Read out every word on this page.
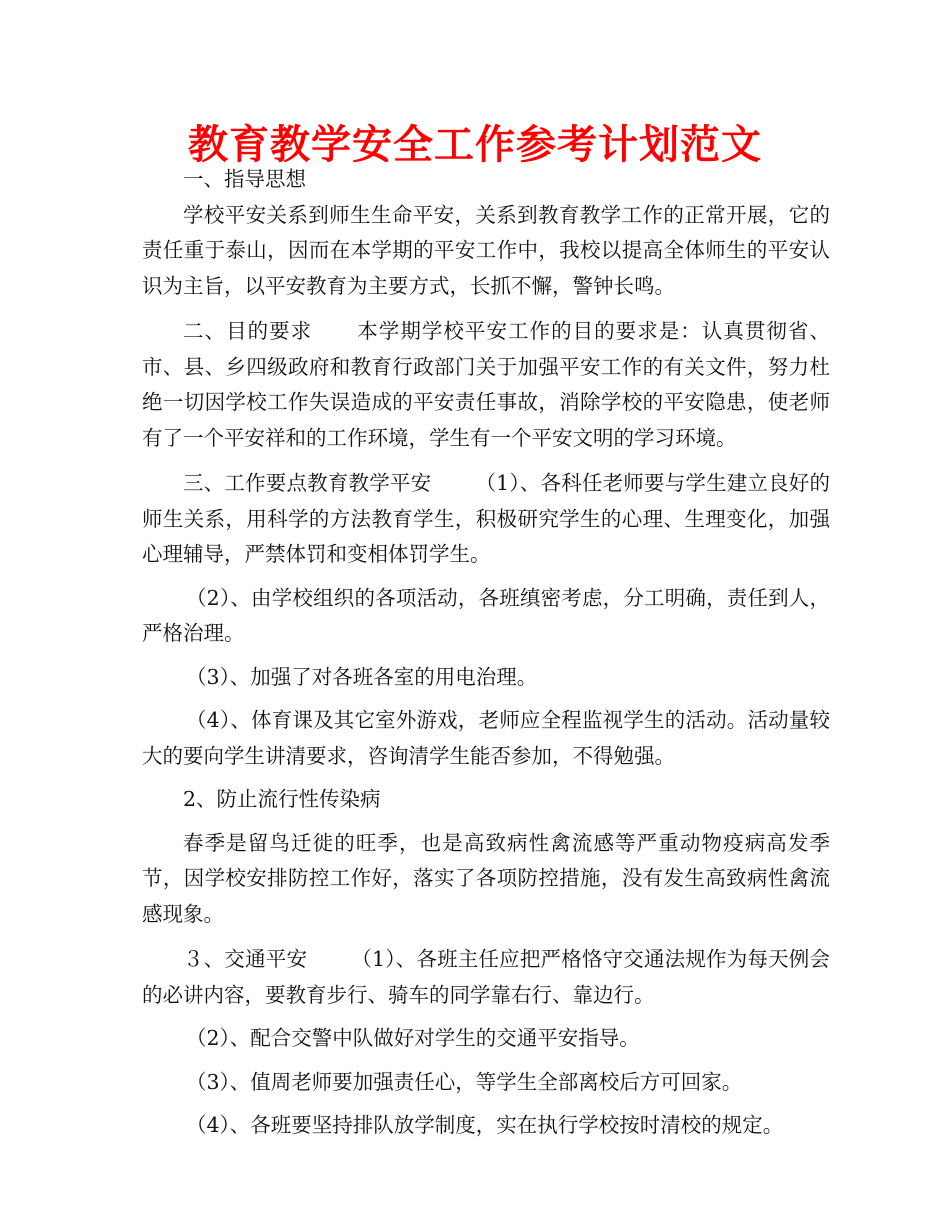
教育教学安全工作参考计划范文

一、指导思想

学校平安关系到师生生命平安，关系到教育教学工作的正常开展，它的责任重于泰山，因而在本学期的平安工作中，我校以提高全体师生的平安认识为主旨，以平安教育为主要方式，长抓不懈，警钟长鸣。

二、目的要求 本学期学校平安工作的目的要求是：认真贯彻省、市、县、乡四级政府和教育行政部门关于加强平安工作的有关文件，努力杜绝一切因学校工作失误造成的平安责任事故，消除学校的平安隐患，使老师有了一个平安祥和的工作环境，学生有一个平安文明的学习环境。

三、工作要点教育教学平安 （1）、各科任老师要与学生建立良好的师生关系，用科学的方法教育学生，积极研究学生的心理、生理变化，加强心理辅导，严禁体罚和变相体罚学生。

（2）、由学校组织的各项活动，各班缜密考虑，分工明确，责任到人，严格治理。

（3）、加强了对各班各室的用电治理。

（4）、体育课及其它室外游戏，老师应全程监视学生的活动。活动量较大的要向学生讲清要求，咨询清学生能否参加，不得勉强。

2、防止流行性传染病

春季是留鸟迁徙的旺季，也是高致病性禽流感等严重动物疫病高发季节，因学校安排防控工作好，落实了各项防控措施，没有发生高致病性禽流感现象。

３、交通平安 （1）、各班主任应把严格恪守交通法规作为每天例会的必讲内容，要教育步行、骑车的同学靠右行、靠边行。

（2）、配合交警中队做好对学生的交通平安指导。

（3）、值周老师要加强责任心，等学生全部离校后方可回家。

（4）、各班要坚持排队放学制度，实在执行学校按时清校的规定。
